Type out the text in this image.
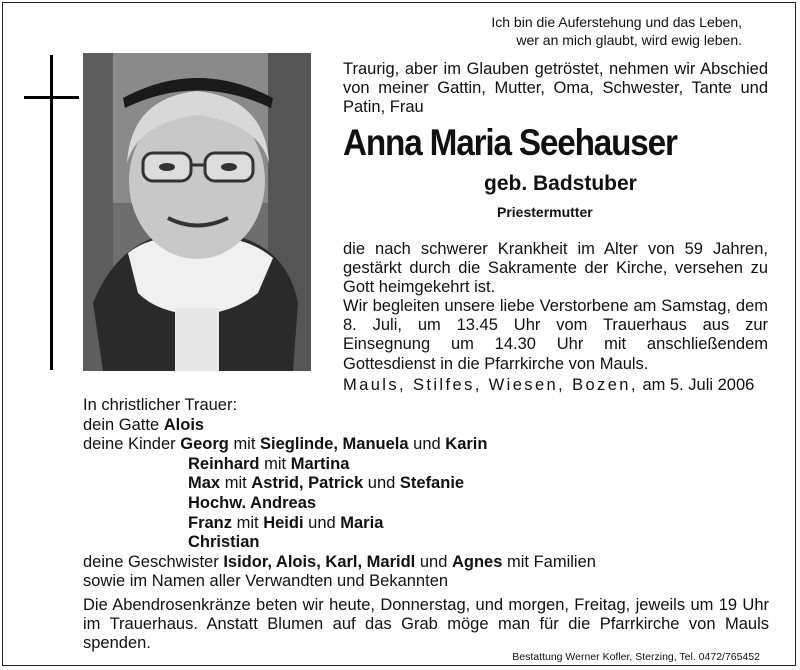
Ich bin die Auferstehung und das Leben,
wer an mich glaubt, wird ewig leben.
Traurig, aber im Glauben getröstet, nehmen wir Abschied von meiner Gattin, Mutter, Oma, Schwester, Tante und Patin, Frau
Anna Maria Seehauser
geb. Badstuber
Priestermutter
die nach schwerer Krankheit im Alter von 59 Jahren, gestärkt durch die Sakramente der Kirche, versehen zu Gott heimgekehrt ist.
Wir begleiten unsere liebe Verstorbene am Samstag, dem 8. Juli, um 13.45 Uhr vom Trauerhaus aus zur Einsegnung um 14.30 Uhr mit anschließendem Gottesdienst in die Pfarrkirche von Mauls.
Mauls, Stilfes, Wiesen, Bozen, am 5. Juli 2006
In christlicher Trauer:
dein Gatte Alois
deine Kinder Georg mit Sieglinde, Manuela und Karin
Reinhard mit Martina
Max mit Astrid, Patrick und Stefanie
Hochw. Andreas
Franz mit Heidi und Maria
Christian
deine Geschwister Isidor, Alois, Karl, Maridl und Agnes mit Familien
sowie im Namen aller Verwandten und Bekannten
Die Abendrosenkränze beten wir heute, Donnerstag, und morgen, Freitag, jeweils um 19 Uhr im Trauerhaus. Anstatt Blumen auf das Grab möge man für die Pfarrkirche von Mauls spenden.
Bestattung Werner Kofler, Sterzing, Tel. 0472/765452
